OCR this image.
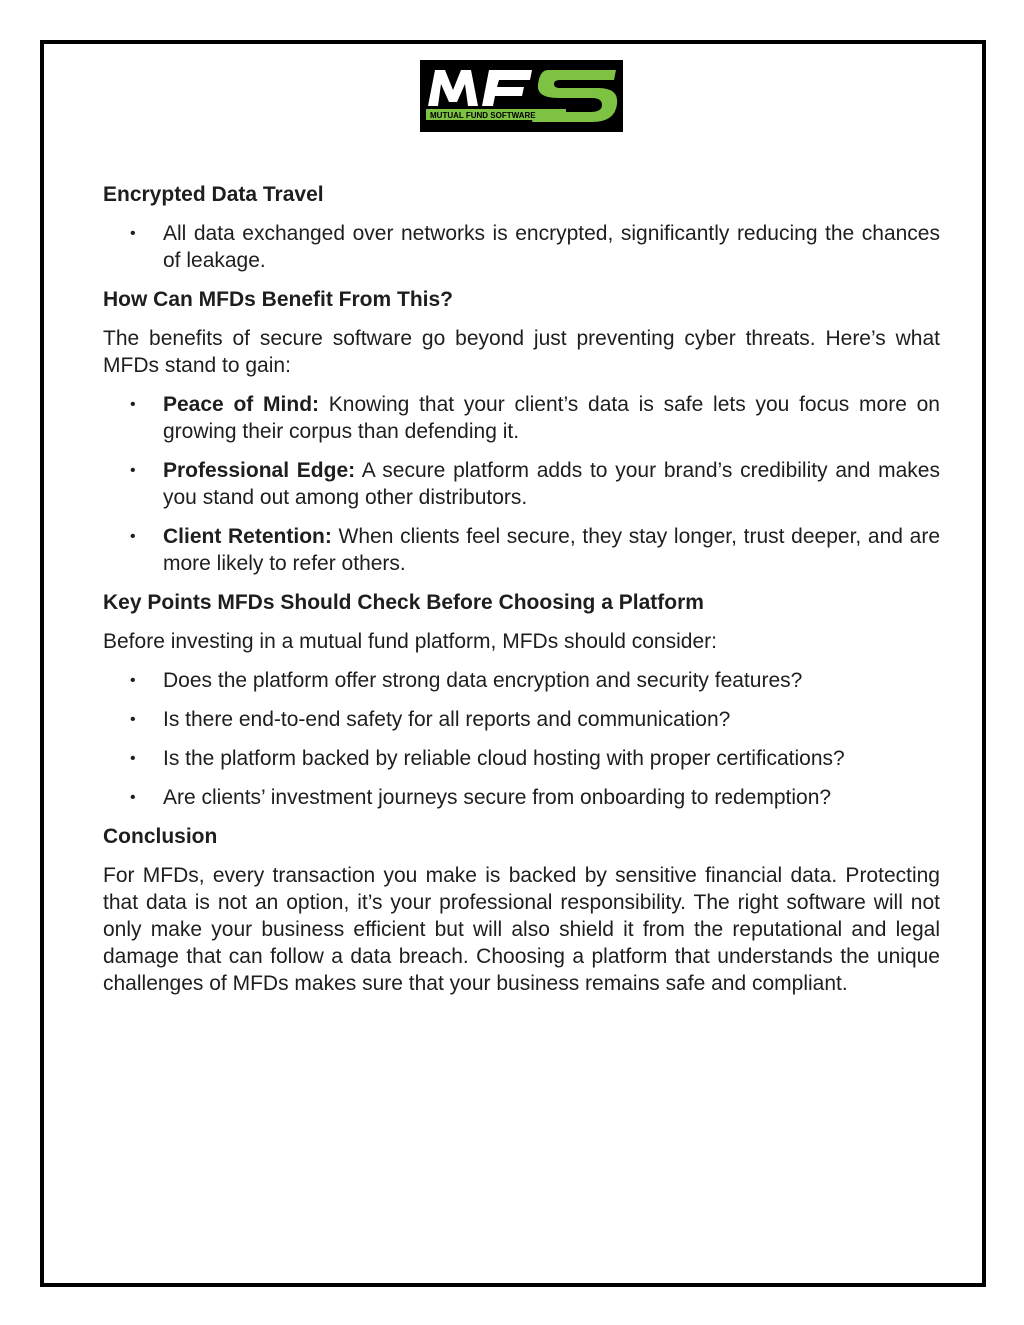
MUTUAL FUND SOFTWARE
Encrypted Data Travel
• All data exchanged over networks is encrypted, significantly reducing the chances of leakage.
How Can MFDs Benefit From This?

The benefits of secure software go beyond just preventing cyber threats. Here’s what MFDs stand to gain:

• Peace of Mind: Knowing that your client’s data is safe lets you focus more on growing their corpus than defending it.
• Professional Edge: A secure platform adds to your brand’s credibility and makes you stand out among other distributors.
• Client Retention: When clients feel secure, they stay longer, trust deeper, and are more likely to refer others.
Key Points MFDs Should Check Before Choosing a Platform

Before investing in a mutual fund platform, MFDs should consider:

• Does the platform offer strong data encryption and security features?
• Is there end-to-end safety for all reports and communication?
• Is the platform backed by reliable cloud hosting with proper certifications?
• Are clients’ investment journeys secure from onboarding to redemption?
Conclusion

For MFDs, every transaction you make is backed by sensitive financial data. Protecting that data is not an option, it’s your professional responsibility. The right software will not only make your business efficient but will also shield it from the reputational and legal damage that can follow a data breach. Choosing a platform that understands the unique challenges of MFDs makes sure that your business remains safe and compliant.
